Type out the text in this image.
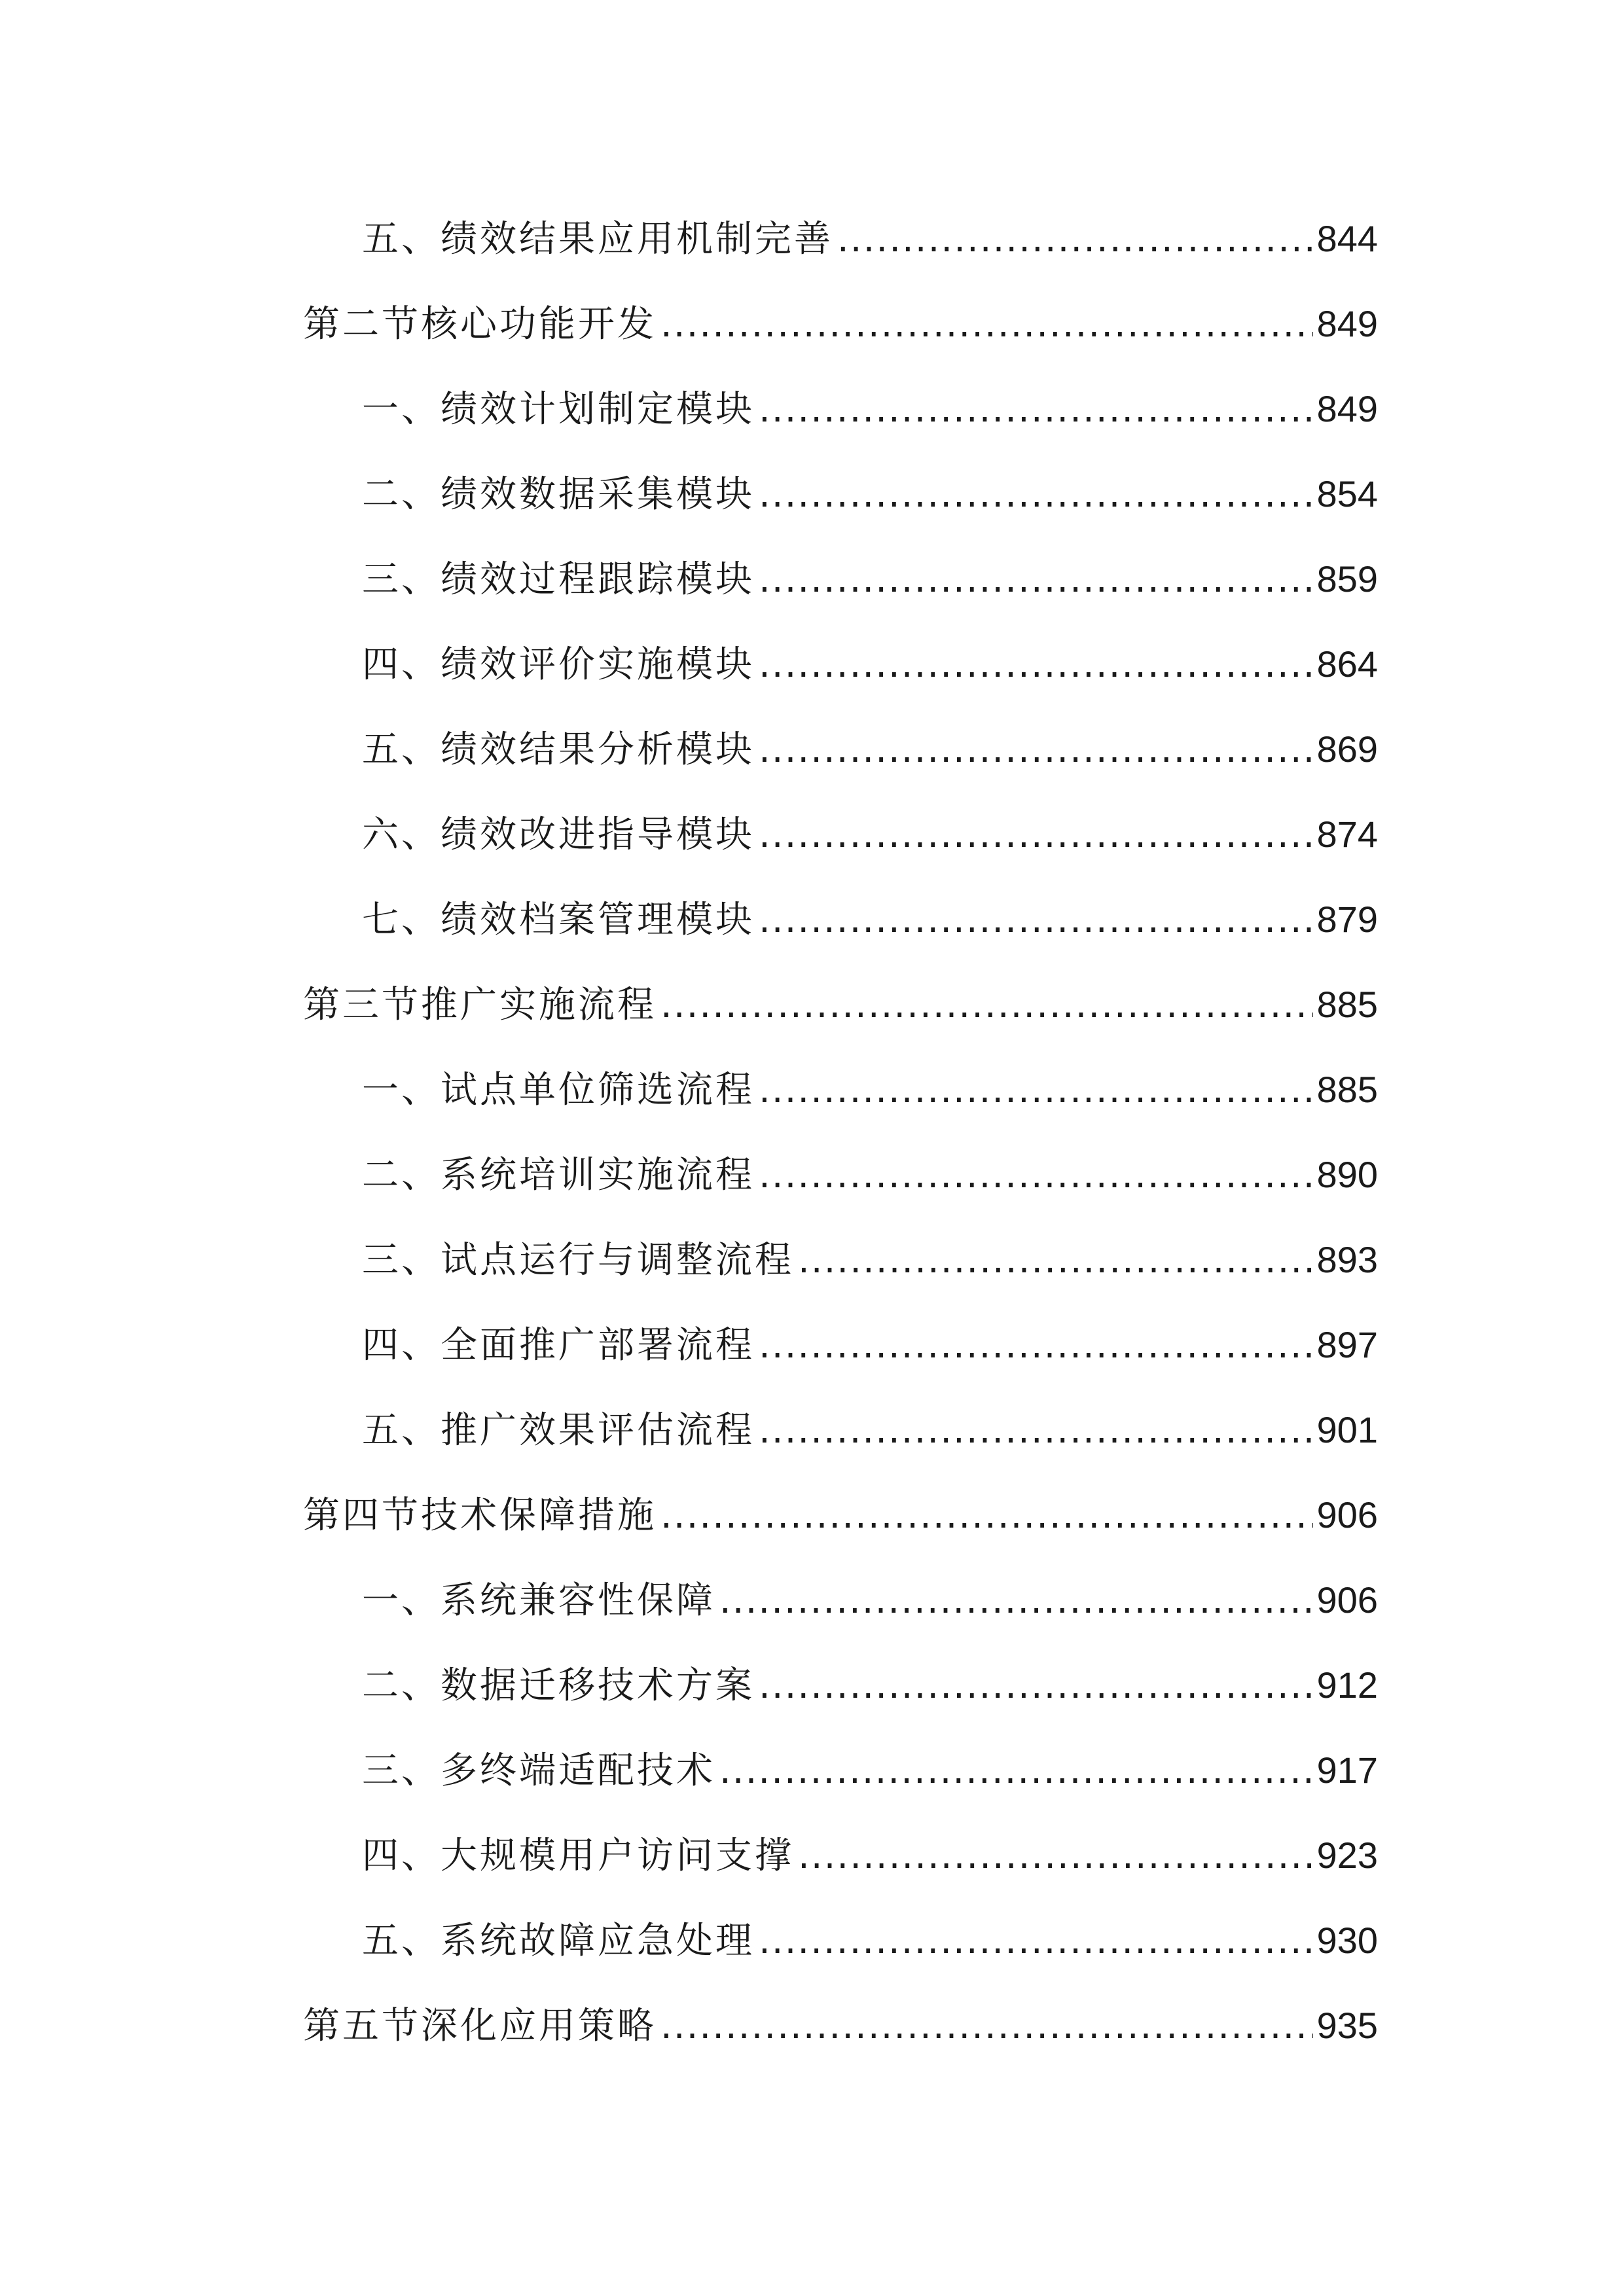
五、绩效结果应用机制完善 .....	844
第二节核心功能开发 .....	849
一、绩效计划制定模块 .....	849
二、绩效数据采集模块 .....	854
三、绩效过程跟踪模块 .....	859
四、绩效评价实施模块 .....	864
五、绩效结果分析模块 .....	869
六、绩效改进指导模块 .....	874
七、绩效档案管理模块 .....	879
第三节推广实施流程 .....	885
一、试点单位筛选流程 .....	885
二、系统培训实施流程 .....	890
三、试点运行与调整流程 .....	893
四、全面推广部署流程 .....	897
五、推广效果评估流程 .....	901
第四节技术保障措施 .....	906
一、系统兼容性保障 .....	906
二、数据迁移技术方案 .....	912
三、多终端适配技术 .....	917
四、大规模用户访问支撑 .....	923
五、系统故障应急处理 .....	930
第五节深化应用策略 .....	935
